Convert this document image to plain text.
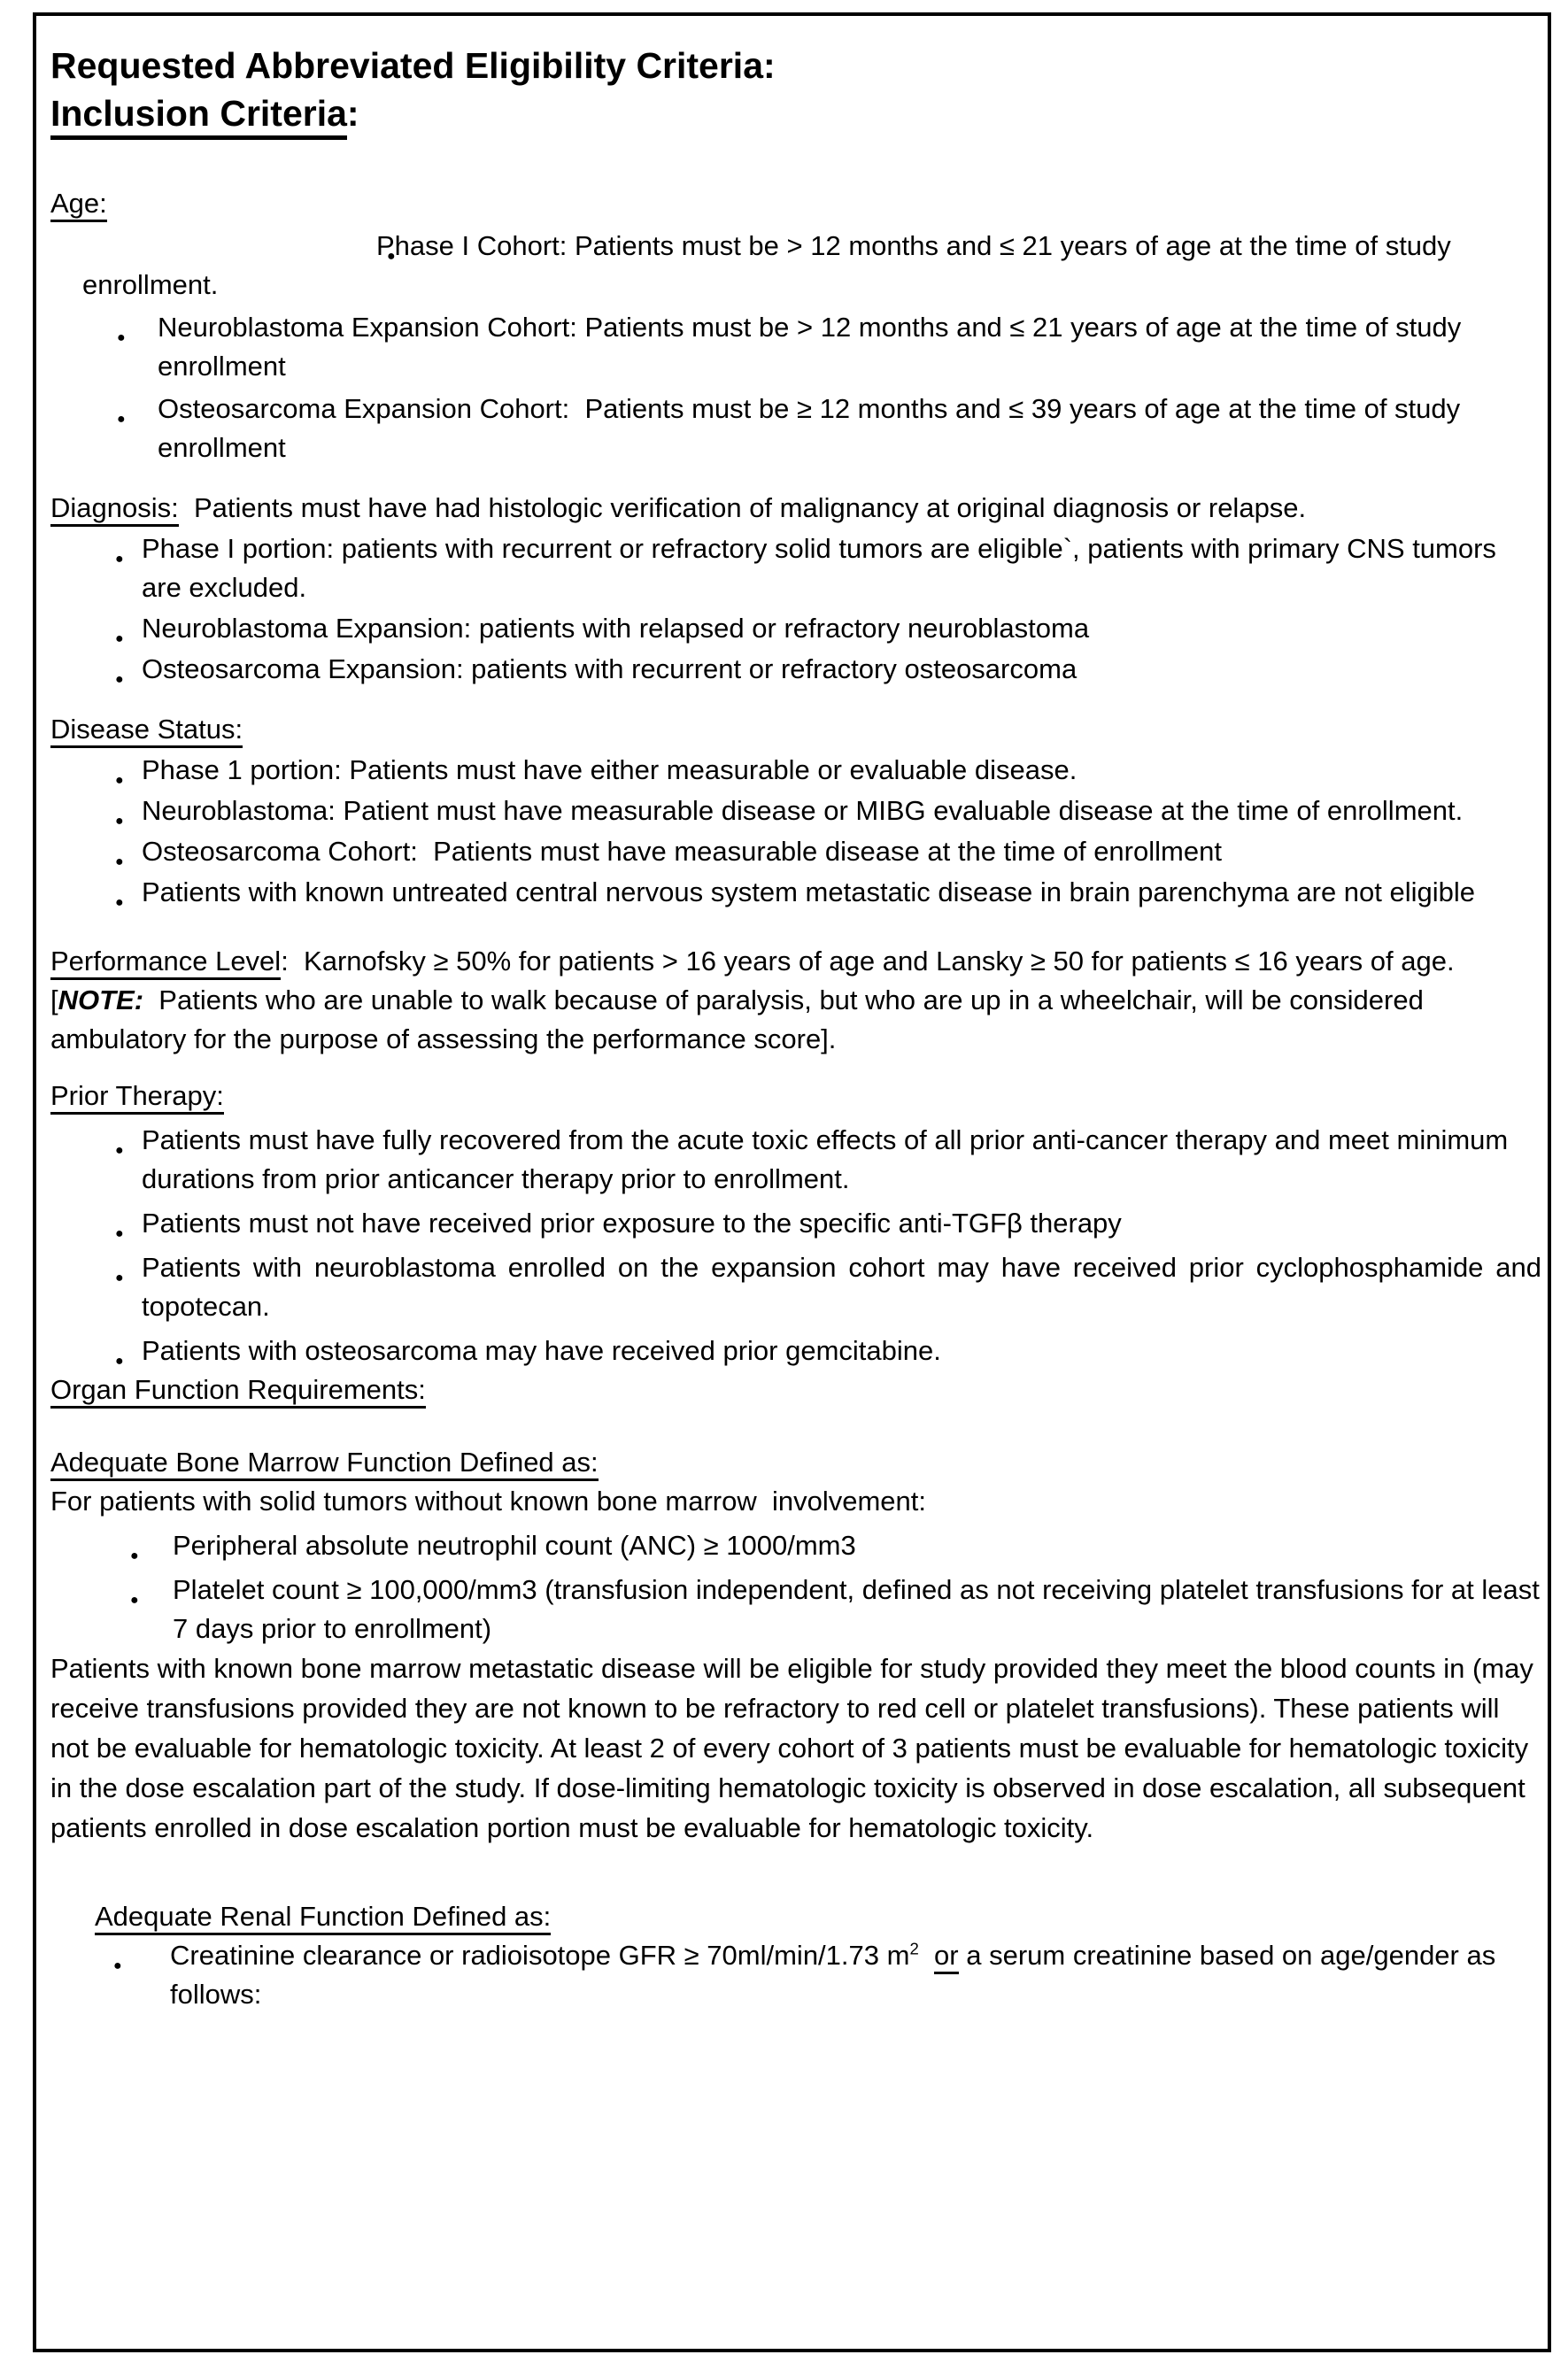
Requested Abbreviated Eligibility Criteria:
Inclusion Criteria:
Age:
● Phase I Cohort: Patients must be > 12 months and ≤ 21 years of age at the time of study enrollment.
● Neuroblastoma Expansion Cohort: Patients must be > 12 months and ≤ 21 years of age at the time of study enrollment
● Osteosarcoma Expansion Cohort:  Patients must be ≥ 12 months and ≤ 39 years of age at the time of study enrollment
Diagnosis:  Patients must have had histologic verification of malignancy at original diagnosis or relapse.
● Phase I portion: patients with recurrent or refractory solid tumors are eligible`, patients with primary CNS tumors are excluded.
● Neuroblastoma Expansion: patients with relapsed or refractory neuroblastoma
● Osteosarcoma Expansion: patients with recurrent or refractory osteosarcoma
Disease Status:
● Phase 1 portion: Patients must have either measurable or evaluable disease.
● Neuroblastoma: Patient must have measurable disease or MIBG evaluable disease at the time of enrollment.
● Osteosarcoma Cohort:  Patients must have measurable disease at the time of enrollment
● Patients with known untreated central nervous system metastatic disease in brain parenchyma are not eligible
Performance Level:  Karnofsky ≥ 50% for patients > 16 years of age and Lansky ≥ 50 for patients ≤ 16 years of age.  [NOTE:  Patients who are unable to walk because of paralysis, but who are up in a wheelchair, will be considered ambulatory for the purpose of assessing the performance score].
Prior Therapy:
● Patients must have fully recovered from the acute toxic effects of all prior anti-cancer therapy and meet minimum durations from prior anticancer therapy prior to enrollment.
● Patients must not have received prior exposure to the specific anti-TGFβ therapy
● Patients with neuroblastoma enrolled on the expansion cohort may have received prior cyclophosphamide and topotecan.
● Patients with osteosarcoma may have received prior gemcitabine.
Organ Function Requirements:
Adequate Bone Marrow Function Defined as:
For patients with solid tumors without known bone marrow  involvement:
● Peripheral absolute neutrophil count (ANC) ≥ 1000/mm3
● Platelet count ≥ 100,000/mm3 (transfusion independent, defined as not receiving platelet transfusions for at least 7 days prior to enrollment)
Patients with known bone marrow metastatic disease will be eligible for study provided they meet the blood counts in (may receive transfusions provided they are not known to be refractory to red cell or platelet transfusions). These patients will not be evaluable for hematologic toxicity. At least 2 of every cohort of 3 patients must be evaluable for hematologic toxicity in the dose escalation part of the study. If dose-limiting hematologic toxicity is observed in dose escalation, all subsequent patients enrolled in dose escalation portion must be evaluable for hematologic toxicity.
Adequate Renal Function Defined as:
● Creatinine clearance or radioisotope GFR ≥ 70ml/min/1.73 $m^2$ or a serum creatinine based on age/gender as follows:
